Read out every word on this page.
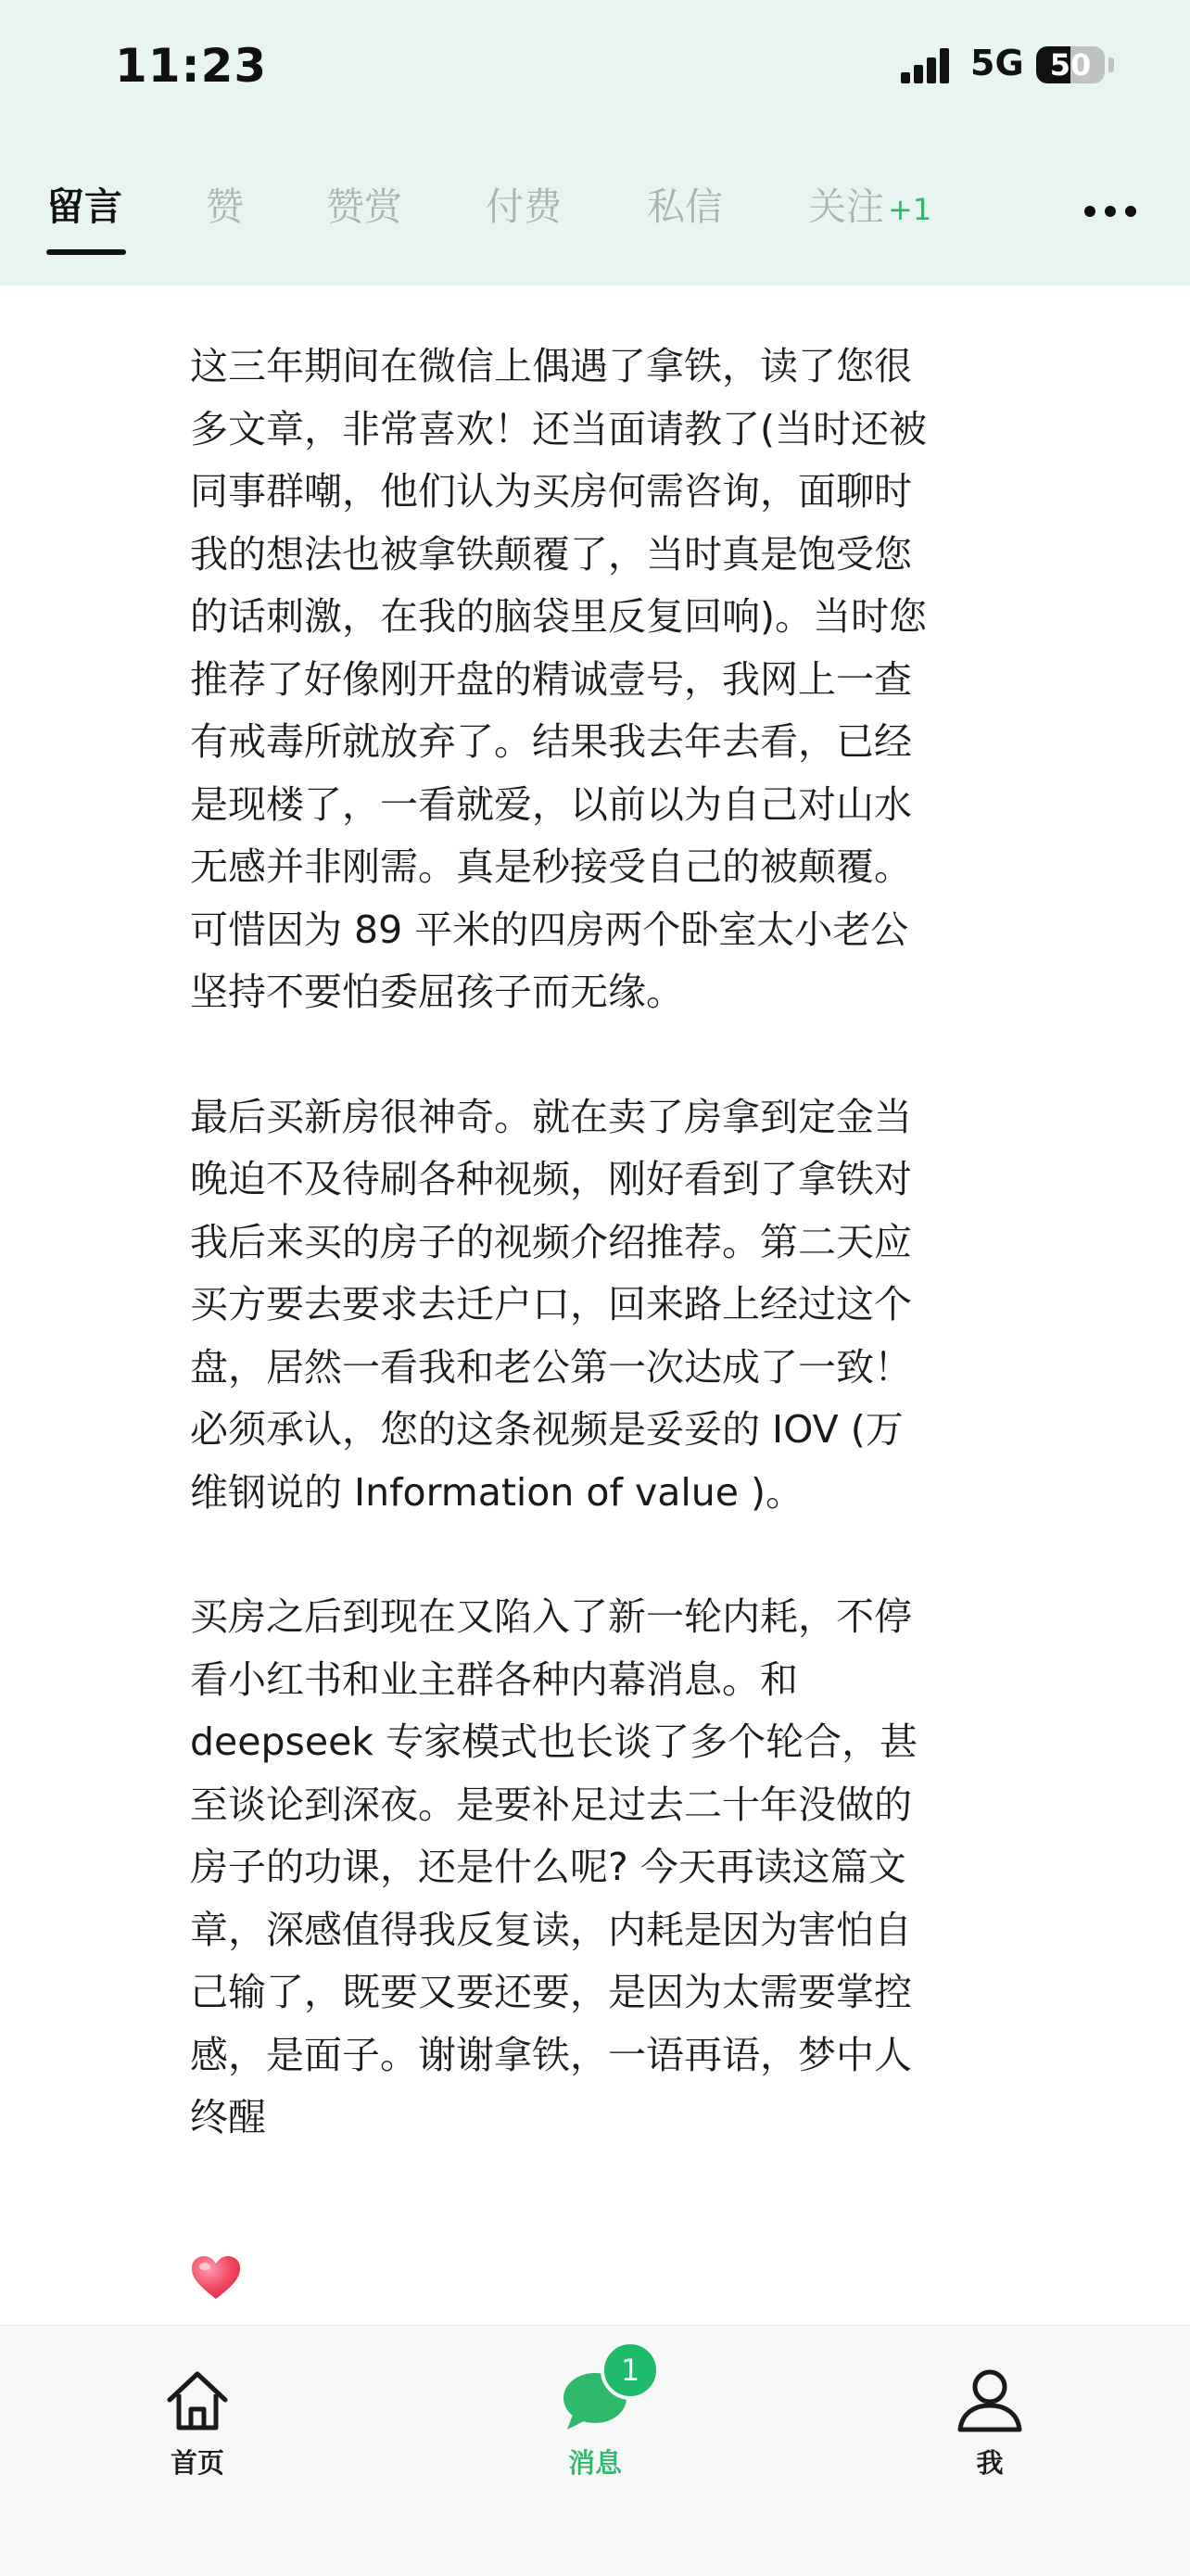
11:23	5G 50
留言 赞 赞赏 付费 私信 关注 +1

这三年期间在微信上偶遇了拿铁，读了您很多文章，非常喜欢！还当面请教了(当时还被同事群嘲，他们认为买房何需咨询，面聊时我的想法也被拿铁颠覆了，当时真是饱受您的话刺激，在我的脑袋里反复回响)。当时您推荐了好像刚开盘的精诚壹号，我网上一查有戒毒所就放弃了。结果我去年去看，已经是现楼了，一看就爱，以前以为自己对山水无感并非刚需。真是秒接受自己的被颠覆。可惜因为 89 平米的四房两个卧室太小老公坚持不要怕委屈孩子而无缘。

最后买新房很神奇。就在卖了房拿到定金当晚迫不及待刷各种视频，刚好看到了拿铁对我后来买的房子的视频介绍推荐。第二天应买方要去要求去迁户口，回来路上经过这个盘，居然一看我和老公第一次达成了一致！必须承认，您的这条视频是妥妥的 IOV (万维钢说的 Information of value )。

买房之后到现在又陷入了新一轮内耗，不停看小红书和业主群各种内幕消息。和 deepseek 专家模式也长谈了多个轮合，甚至谈论到深夜。是要补足过去二十年没做的房子的功课，还是什么呢? 今天再读这篇文章，深感值得我反复读，内耗是因为害怕自己输了，既要又要还要，是因为太需要掌控感，是面子。谢谢拿铁，一语再语，梦中人终醒

首页
1
消息	我
